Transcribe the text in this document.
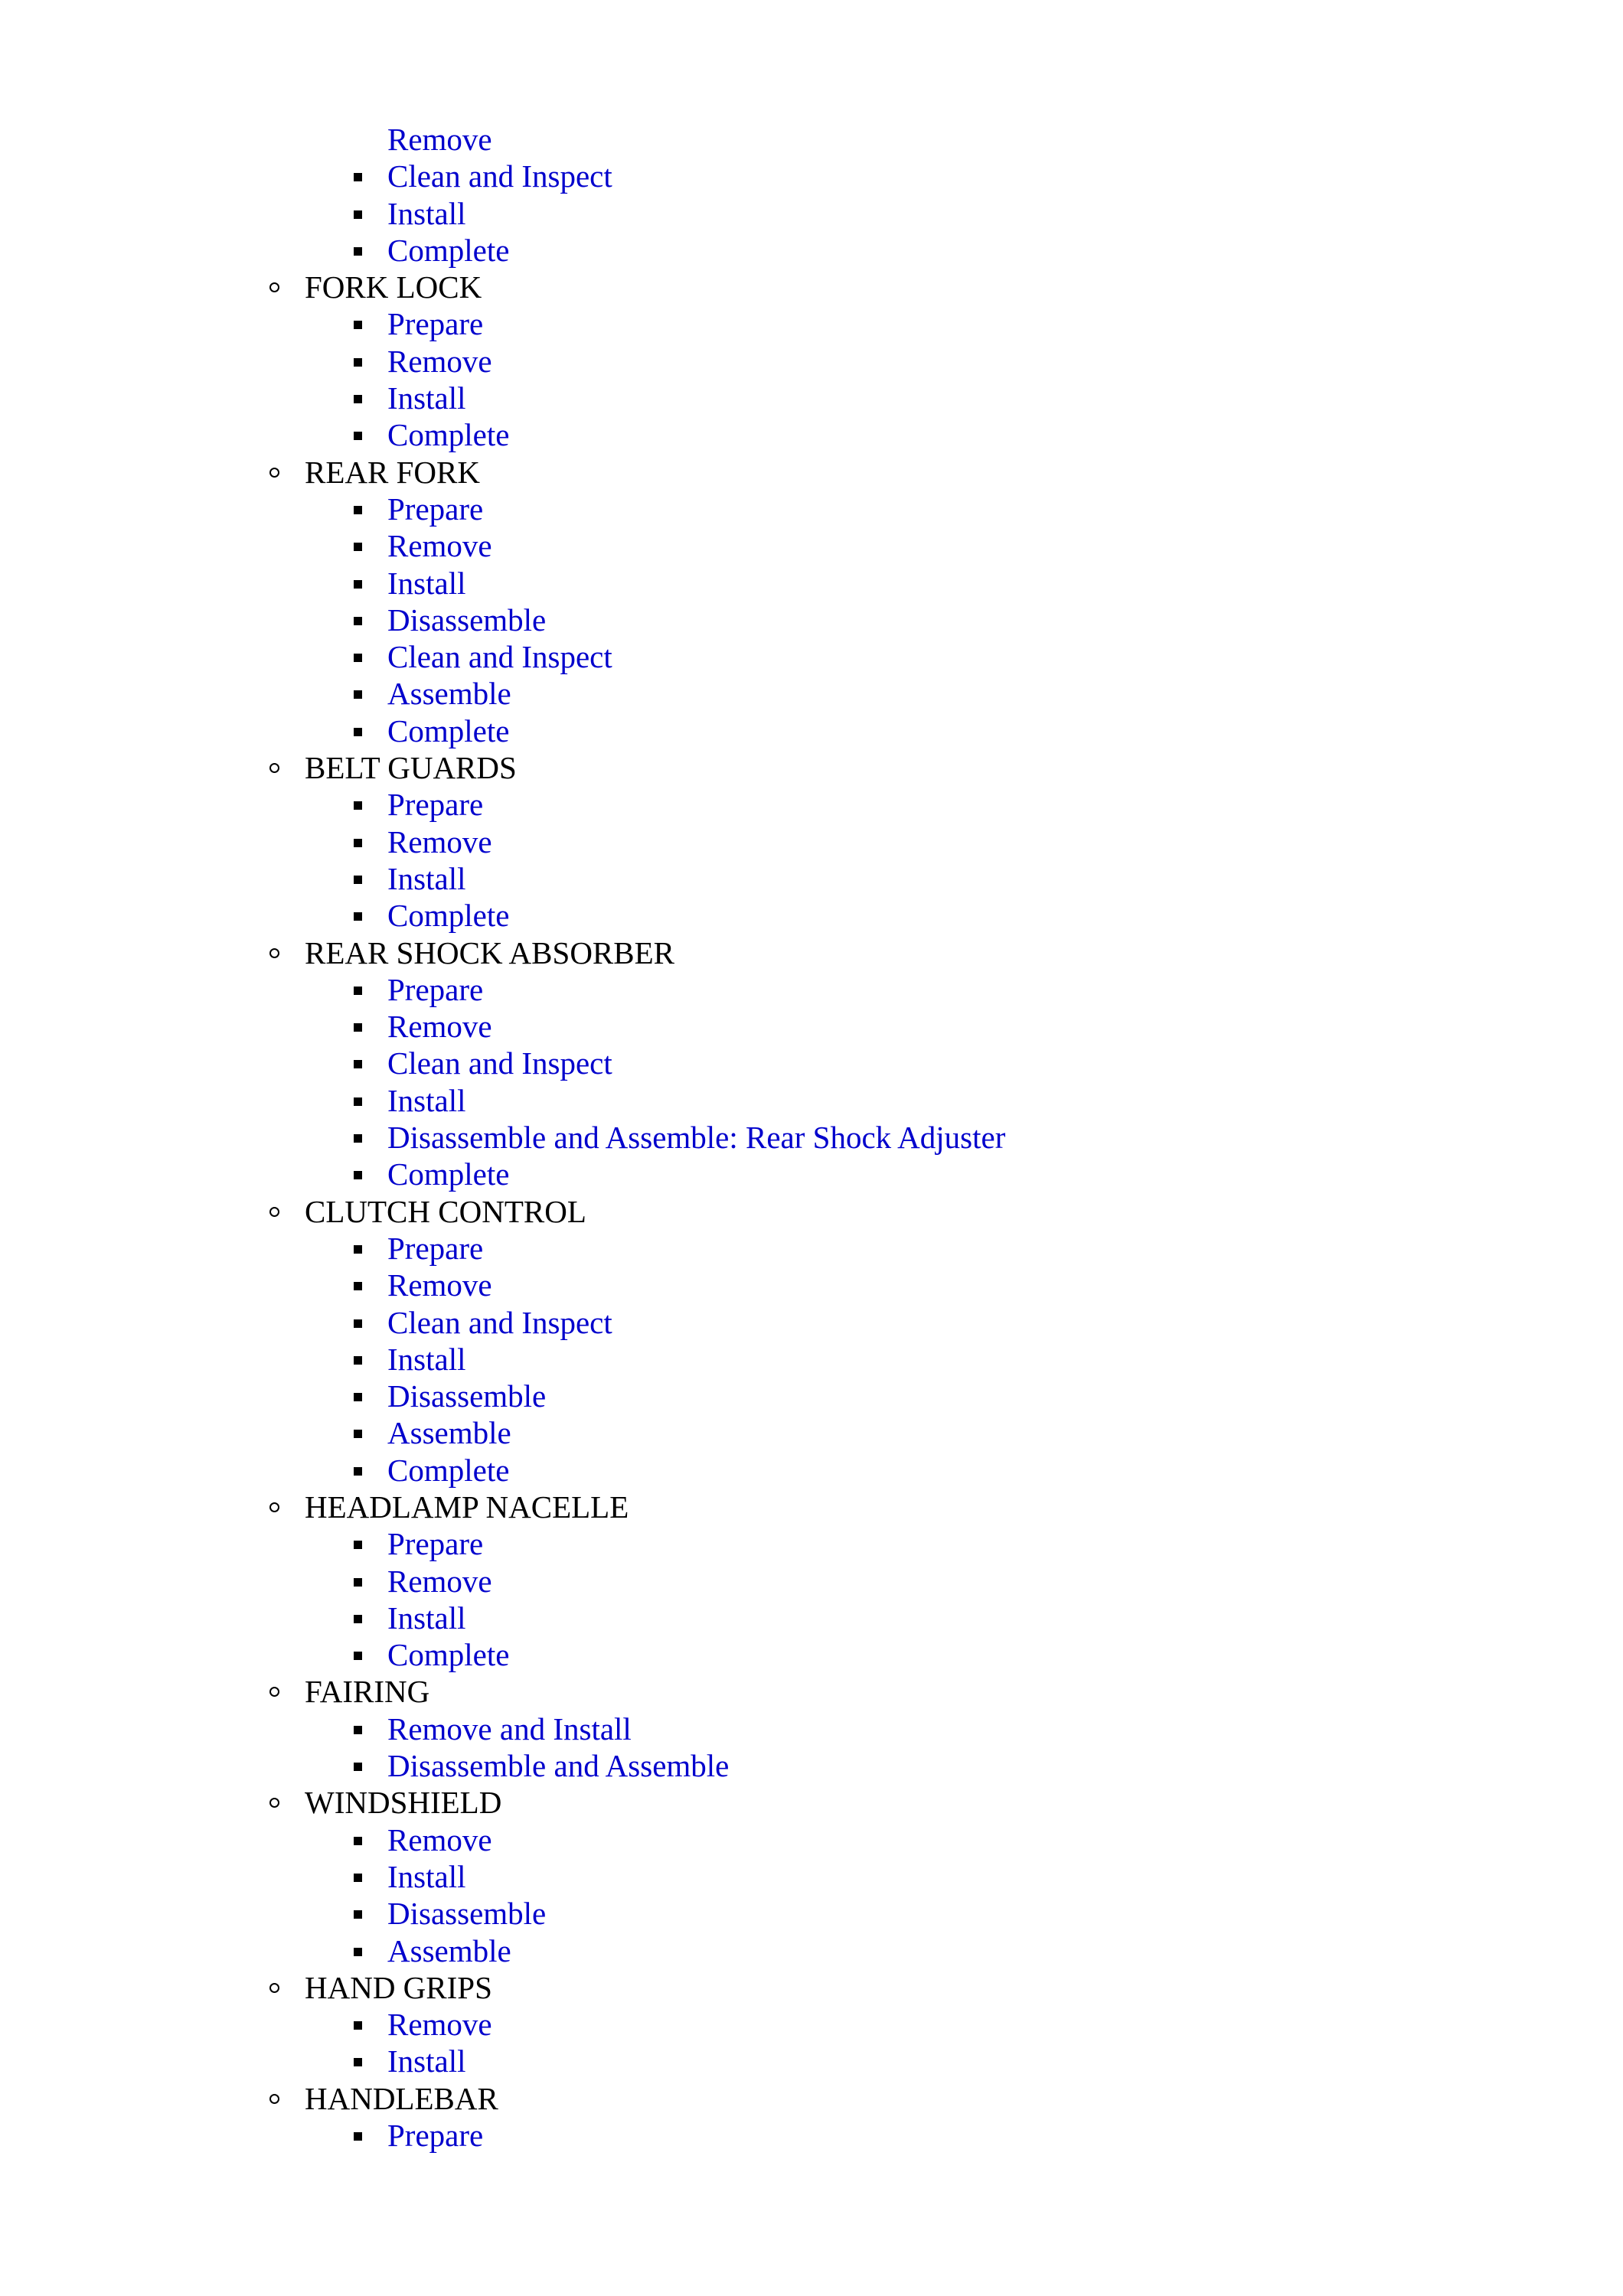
Remove
Clean and Inspect
Install
Complete
FORK LOCK
Prepare
Remove
Install
Complete
REAR FORK
Prepare
Remove
Install
Disassemble
Clean and Inspect
Assemble
Complete
BELT GUARDS
Prepare
Remove
Install
Complete
REAR SHOCK ABSORBER
Prepare
Remove
Clean and Inspect
Install
Disassemble and Assemble: Rear Shock Adjuster
Complete
CLUTCH CONTROL
Prepare
Remove
Clean and Inspect
Install
Disassemble
Assemble
Complete
HEADLAMP NACELLE
Prepare
Remove
Install
Complete
FAIRING
Remove and Install
Disassemble and Assemble
WINDSHIELD
Remove
Install
Disassemble
Assemble
HAND GRIPS
Remove
Install
HANDLEBAR
Prepare
